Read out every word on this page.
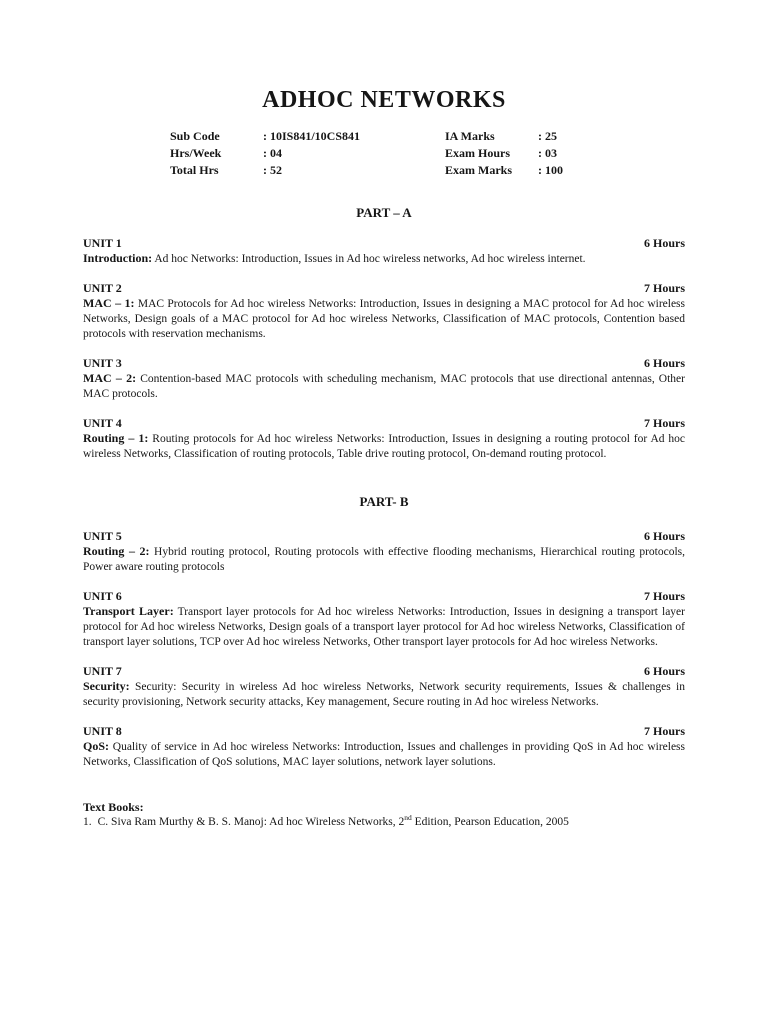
ADHOC NETWORKS
Sub Code	: 10IS841/10CS841	IA Marks	: 25
Hrs/Week	: 04	Exam Hours	: 03
Total Hrs	: 52	Exam Marks	: 100
PART – A
UNIT 1	6 Hours

Introduction: Ad hoc Networks: Introduction, Issues in Ad hoc wireless networks, Ad hoc wireless internet.

UNIT 2	7 Hours

MAC – 1: MAC Protocols for Ad hoc wireless Networks: Introduction, Issues in designing a MAC protocol for Ad hoc wireless Networks, Design goals of a MAC protocol for Ad hoc wireless Networks, Classification of MAC protocols, Contention based protocols with reservation mechanisms.

UNIT 3	6 Hours

MAC – 2: Contention-based MAC protocols with scheduling mechanism, MAC protocols that use directional antennas, Other MAC protocols.

UNIT 4	7 Hours

Routing – 1: Routing protocols for Ad hoc wireless Networks: Introduction, Issues in designing a routing protocol for Ad hoc wireless Networks, Classification of routing protocols, Table drive routing protocol, On-demand routing protocol.

PART- B
UNIT 5	6 Hours

Routing – 2: Hybrid routing protocol, Routing protocols with effective flooding mechanisms, Hierarchical routing protocols, Power aware routing protocols

UNIT 6	7 Hours

Transport Layer: Transport layer protocols for Ad hoc wireless Networks: Introduction, Issues in designing a transport layer protocol for Ad hoc wireless Networks, Design goals of a transport layer protocol for Ad hoc wireless Networks, Classification of transport layer solutions, TCP over Ad hoc wireless Networks, Other transport layer protocols for Ad hoc wireless Networks.

UNIT 7	6 Hours

Security: Security: Security in wireless Ad hoc wireless Networks, Network security requirements, Issues & challenges in security provisioning, Network security attacks, Key management, Secure routing in Ad hoc wireless Networks.

UNIT 8	7 Hours

QoS: Quality of service in Ad hoc wireless Networks: Introduction, Issues and challenges in providing QoS in Ad hoc wireless Networks, Classification of QoS solutions, MAC layer solutions, network layer solutions.

Text Books:
1. C. Siva Ram Murthy & B. S. Manoj: Ad hoc Wireless Networks, 2nd Edition, Pearson Education, 2005
